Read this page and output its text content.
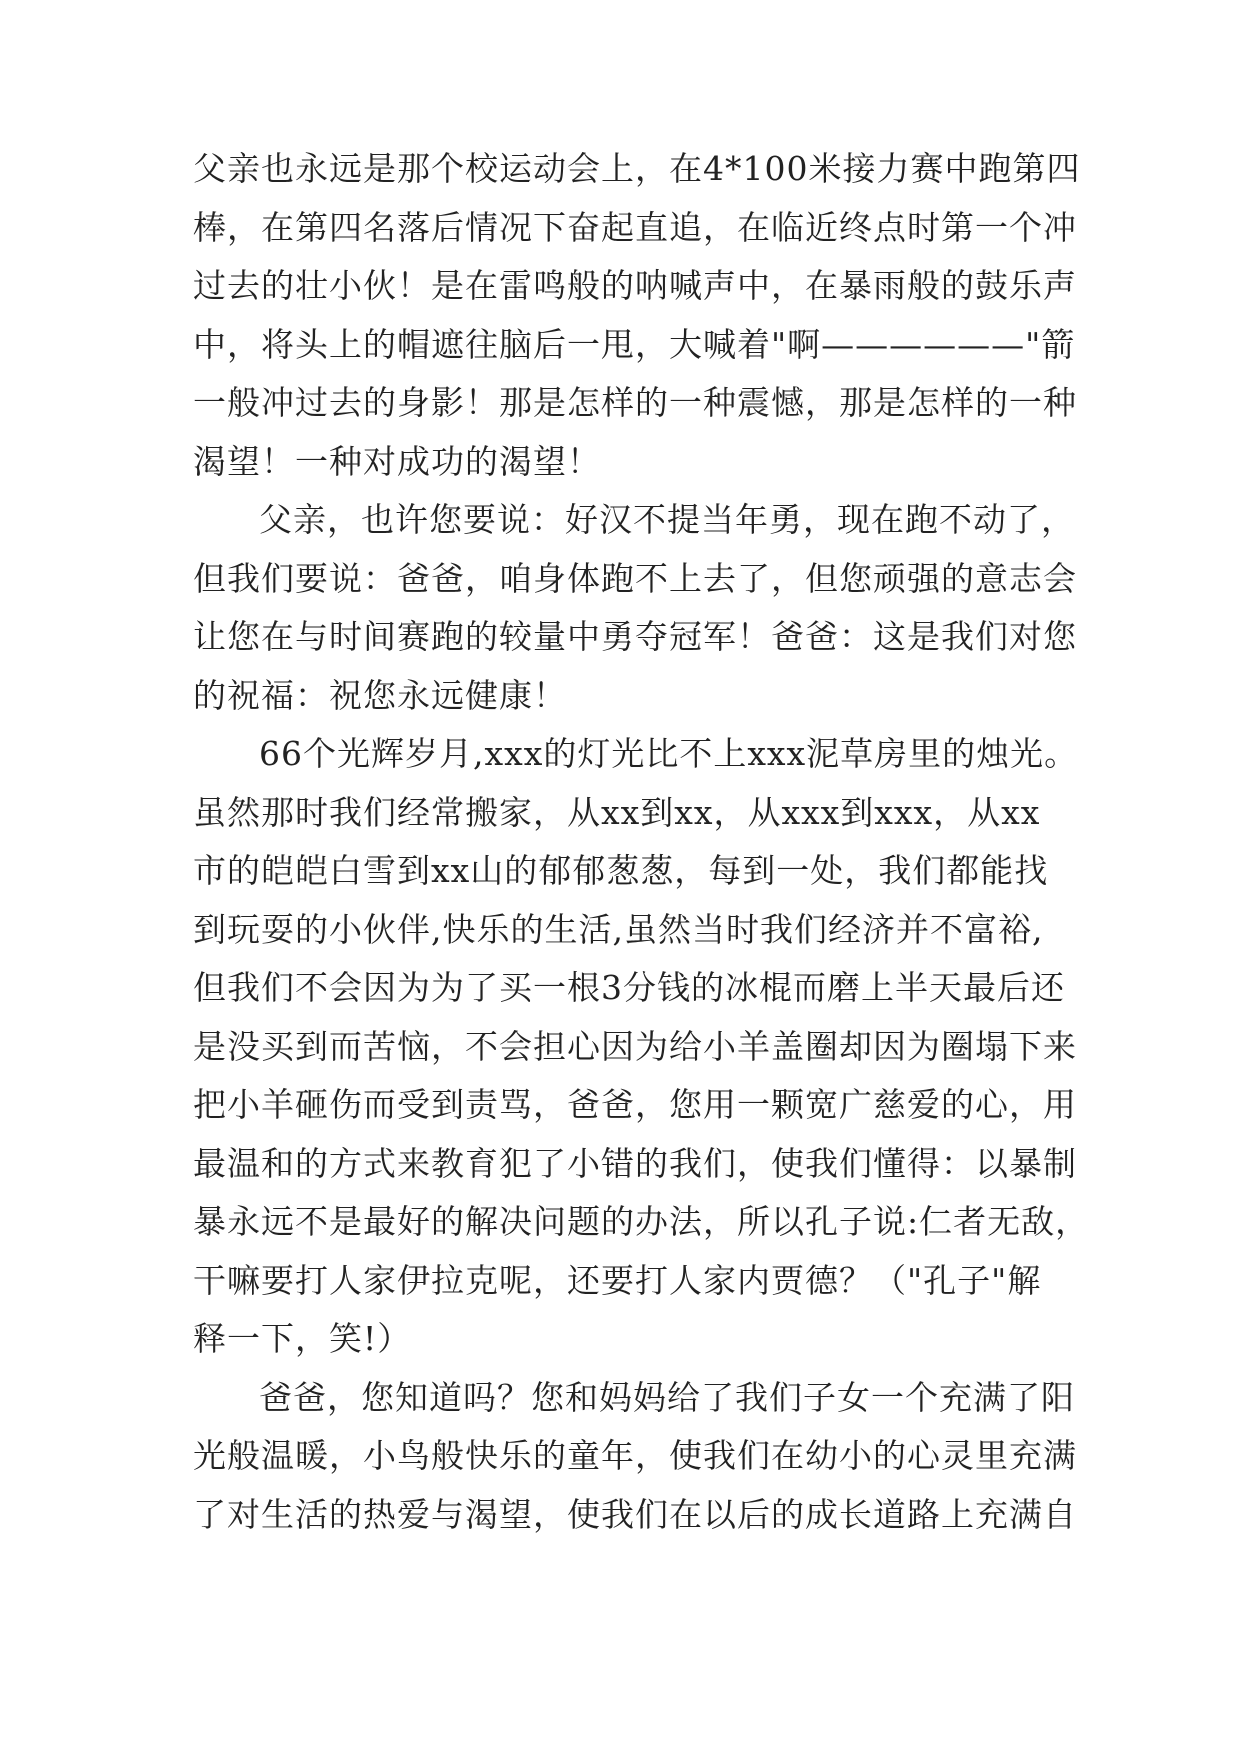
父亲也永远是那个校运动会上，在4*100米接力赛中跑第四
棒，在第四名落后情况下奋起直追，在临近终点时第一个冲
过去的壮小伙！是在雷鸣般的呐喊声中，在暴雨般的鼓乐声
中，将头上的帽遮往脑后一甩，大喊着"啊——————"箭
一般冲过去的身影！那是怎样的一种震憾，那是怎样的一种
渴望！一种对成功的渴望！
父亲，也许您要说：好汉不提当年勇，现在跑不动了，
但我们要说：爸爸，咱身体跑不上去了，但您顽强的意志会
让您在与时间赛跑的较量中勇夺冠军！爸爸：这是我们对您
的祝福：祝您永远健康！
66个光辉岁月,xxx的灯光比不上xxx泥草房里的烛光。
虽然那时我们经常搬家，从xx到xx，从xxx到xxx，从xx
市的皑皑白雪到xx山的郁郁葱葱，每到一处，我们都能找
到玩耍的小伙伴,快乐的生活,虽然当时我们经济并不富裕,
但我们不会因为为了买一根3分钱的冰棍而磨上半天最后还
是没买到而苦恼，不会担心因为给小羊盖圈却因为圈塌下来
把小羊砸伤而受到责骂，爸爸，您用一颗宽广慈爱的心，用
最温和的方式来教育犯了小错的我们，使我们懂得：以暴制
暴永远不是最好的解决问题的办法，所以孔子说:仁者无敌，
干嘛要打人家伊拉克呢，还要打人家内贾德？（"孔子"解
释一下，笑!）
爸爸，您知道吗？您和妈妈给了我们子女一个充满了阳
光般温暖，小鸟般快乐的童年，使我们在幼小的心灵里充满
了对生活的热爱与渴望，使我们在以后的成长道路上充满自
